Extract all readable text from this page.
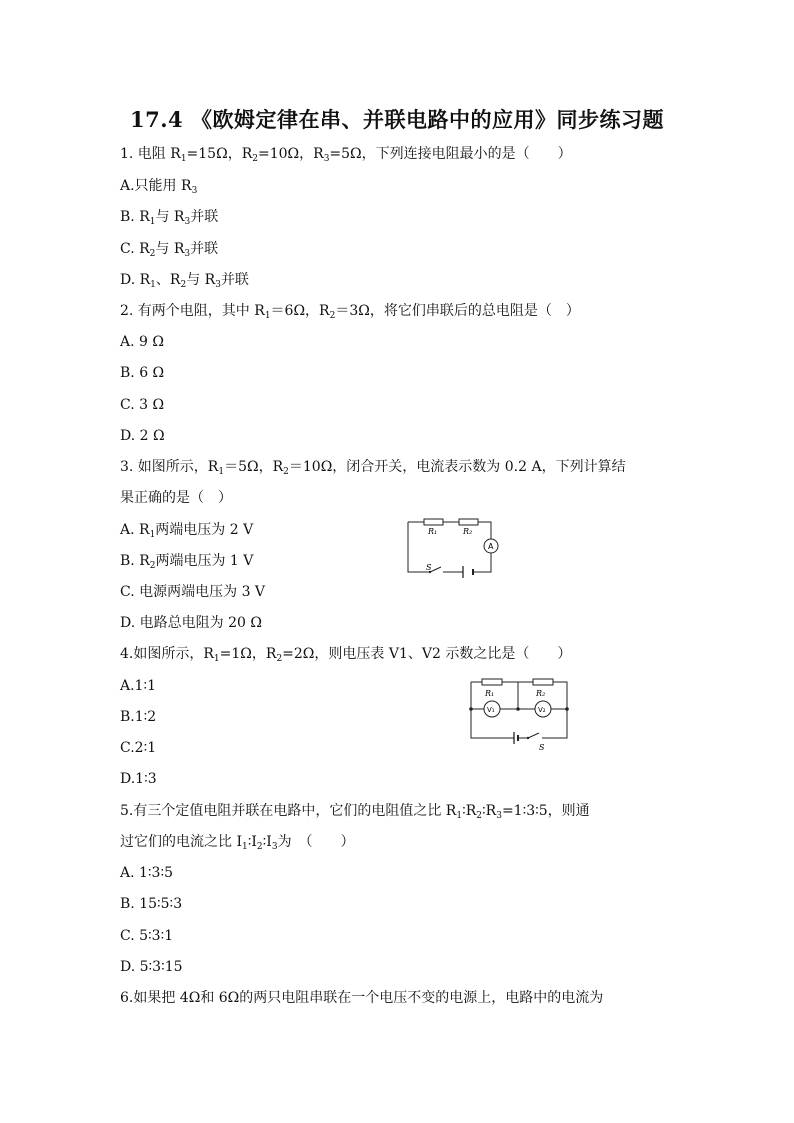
17.4 《欧姆定律在串、并联电路中的应用》同步练习题
1. 电阻 $R_1=15\Omega$，$R_2=10\Omega$，$R_3=5\Omega$，下列连接电阻最小的是（　　）
A.只能用 $R_3$
B. $R_1$与 $R_3$并联
C. $R_2$与 $R_3$并联
D. $R_1$、$R_2$与 $R_3$并联
2. 有两个电阻，其中 $R_1=6\Omega$，$R_2=3\Omega$，将它们串联后的总电阻是（　）
A. 9 Ω
B. 6 Ω
C. 3 Ω
D. 2 Ω
3. 如图所示，$R_1=5\Omega$，$R_2=10\Omega$，闭合开关，电流表示数为 0.2 A，下列计算结
果正确的是（　）
A. $R_1$两端电压为 2 V
B. $R_2$两端电压为 1 V
C. 电源两端电压为 3 V
D. 电路总电阻为 20 Ω
R₁	R₂
A
S
4.如图所示，$R_1=1\Omega$，$R_2=2\Omega$，则电压表 V1、V2 示数之比是（　　）
A.1∶1
B.1∶2
C.2∶1
D.1∶3
R₁	R₂
V₁	V₂
S
5.有三个定值电阻并联在电路中，它们的电阻值之比 $R_1∶R_2∶R_3=1∶3∶5$，则通
过它们的电流之比 $I_1∶I_2∶I_3$为　（　　）
A. 1∶3∶5
B. 15∶5∶3
C. 5∶3∶1
D. 5∶3∶15
6.如果把 4Ω和 6Ω的两只电阻串联在一个电压不变的电源上，电路中的电流为
